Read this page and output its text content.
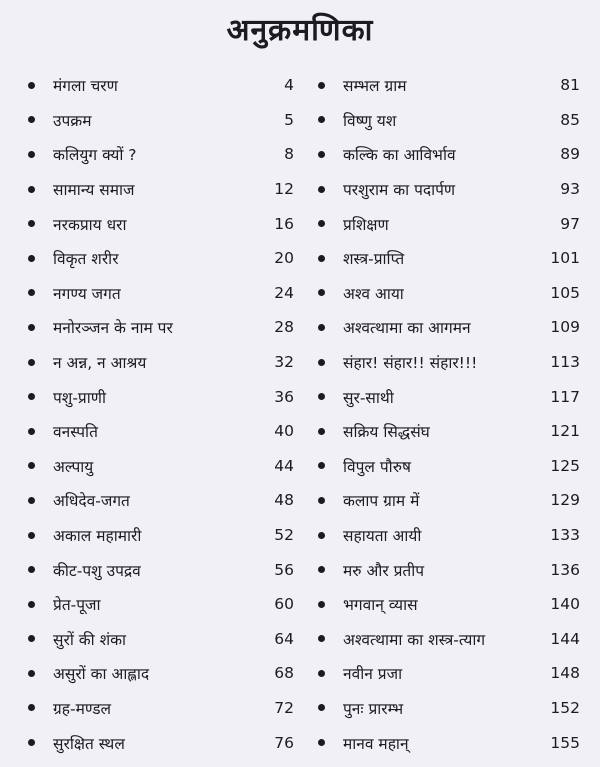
अनुक्रमणिका
मंगला चरण	4
उपक्रम	5
कलियुग क्यों ?	8
सामान्य समाज	12
नरकप्राय धरा	16
विकृत शरीर	20
नगण्य जगत	24
मनोरञ्जन के नाम पर	28
न अन्न, न आश्रय	32
पशु-प्राणी	36
वनस्पति	40
अल्पायु	44
अधिदेव-जगत	48
अकाल महामारी	52
कीट-पशु उपद्रव	56
प्रेत-पूजा	60
सुरों की शंका	64
असुरों का आह्लाद	68
ग्रह-मण्डल	72
सुरक्षित स्थल	76
सम्भल ग्राम	81
विष्णु यश	85
कल्कि का आविर्भाव	89
परशुराम का पदार्पण	93
प्रशिक्षण	97
शस्त्र-प्राप्ति	101
अश्व आया	105
अश्वत्थामा का आगमन	109
संहार! संहार!! संहार!!!	113
सुर-साथी	117
सक्रिय सिद्धसंघ	121
विपुल पौरुष	125
कलाप ग्राम में	129
सहायता आयी	133
मरु और प्रतीप	136
भगवान् व्यास	140
अश्वत्थामा का शस्त्र-त्याग	144
नवीन प्रजा	148
पुनः प्रारम्भ	152
मानव महान्	155
